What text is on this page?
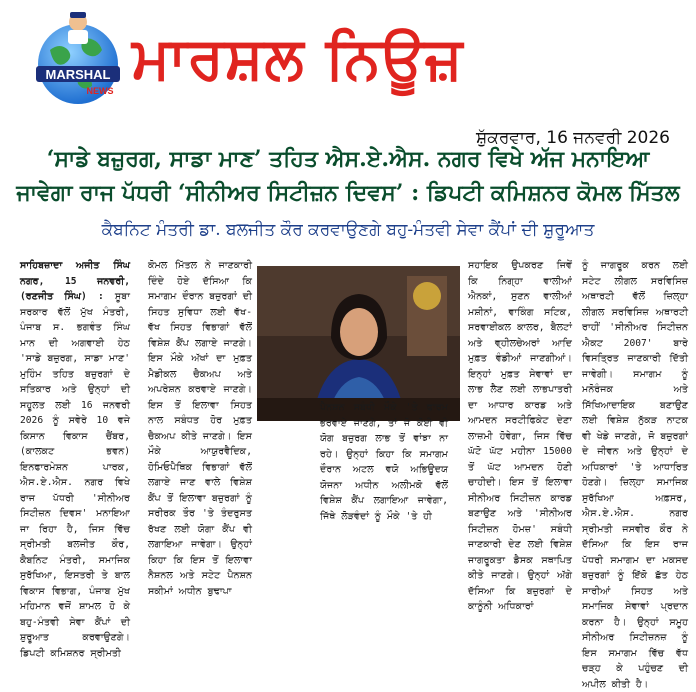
MARSHAL
NEWS ਮਾਰਸ਼ਲ ਨਿਊਜ਼
ਸ਼ੁੱਕਰਵਾਰ, 16 ਜਨਵਰੀ 2026
‘ਸਾਡੇ ਬਜ਼ੁਰਗ, ਸਾਡਾ ਮਾਣ’ ਤਹਿਤ ਐਸ.ਏ.ਐਸ. ਨਗਰ ਵਿਖੇ ਅੱਜ ਮਨਾਇਆ
ਜਾਵੇਗਾ ਰਾਜ ਪੱਧਰੀ ‘ਸੀਨੀਅਰ ਸਿਟੀਜ਼ਨ ਦਿਵਸ’ : ਡਿਪਟੀ ਕਮਿਸ਼ਨਰ ਕੋਮਲ ਮਿੱਤਲ
ਕੈਬਨਿਟ ਮੰਤਰੀ ਡਾ. ਬਲਜੀਤ ਕੌਰ ਕਰਵਾਉਣਗੇ ਬਹੁ-ਮੰਤਵੀ ਸੇਵਾ ਕੈਂਪਾਂ ਦੀ ਸ਼ੁਰੂਆਤ
ਸਾਹਿਬਜ਼ਾਦਾ ਅਜੀਤ ਸਿੰਘ ਨਗਰ, 15 ਜਨਵਰੀ, (ਰਣਜੀਤ ਸਿੰਘ) : ਸੂਬਾ ਸਰਕਾਰ ਵੱਲੋਂ ਮੁੱਖ ਮੰਤਰੀ, ਪੰਜਾਬ ਸ. ਭਗਵੰਤ ਸਿੰਘ ਮਾਨ ਦੀ ਅਗਵਾਈ ਹੇਠ 'ਸਾਡੇ ਬਜ਼ੁਰਗ, ਸਾਡਾ ਮਾਣ' ਮੁਹਿੰਮ ਤਹਿਤ ਬਜ਼ੁਰਗਾਂ ਦੇ ਸਤਿਕਾਰ ਅਤੇ ਉਨ੍ਹਾਂ ਦੀ ਸਹੂਲਤ ਲਈ 16 ਜਨਵਰੀ 2026 ਨੂੰ ਸਵੇਰੇ 10 ਵਜੇ ਕਿਸਾਨ ਵਿਕਾਸ ਚੈਂਬਰ, (ਕਾਲਕਟ ਭਵਨ) ਇਨਫਾਰਮੇਸ਼ਨ ਪਾਰਕ, ਐਸ.ਏ.ਐਸ. ਨਗਰ ਵਿਖੇ ਰਾਜ ਪੱਧਰੀ 'ਸੀਨੀਅਰ ਸਿਟੀਜ਼ਨ ਦਿਵਸ' ਮਨਾਇਆ ਜਾ ਰਿਹਾ ਹੈ, ਜਿਸ ਵਿੱਚ ਸ੍ਰੀਮਤੀ ਬਲਜੀਤ ਕੌਰ, ਕੈਬਨਿਟ ਮੰਤਰੀ, ਸਮਾਜਿਕ ਸੁਰੱਖਿਆ, ਇਸਤਰੀ ਤੇ ਬਾਲ ਵਿਕਾਸ ਵਿਭਾਗ, ਪੰਜਾਬ ਮੁੱਖ ਮਹਿਮਾਨ ਵਜੋਂ ਸ਼ਾਮਲ ਹੋ ਕੇ ਬਹੁ-ਮੰਤਵੀ ਸੇਵਾ ਕੈਂਪਾਂ ਦੀ ਸ਼ੁਰੂਆਤ ਕਰਵਾਉਣਗੇ। ਡਿਪਟੀ ਕਮਿਸ਼ਨਰ ਸ੍ਰੀਮਤੀ
ਕੋਮਲ ਮਿੱਤਲ ਨੇ ਜਾਣਕਾਰੀ ਦਿੰਦੇ ਹੋਏ ਦੱਸਿਆ ਕਿ ਸਮਾਗਮ ਦੌਰਾਨ ਬਜ਼ੁਰਗਾਂ ਦੀ ਸਿਹਤ ਸੁਵਿਧਾ ਲਈ ਵੱਖ-ਵੱਖ ਸਿਹਤ ਵਿਭਾਗਾਂ ਵੱਲੋਂ ਵਿਸ਼ੇਸ਼ ਕੈਂਪ ਲਗਾਏ ਜਾਣਗੇ। ਇਸ ਮੌਕੇ ਅੱਖਾਂ ਦਾ ਮੁਫ਼ਤ ਮੈਡੀਕਲ ਚੈਕਅਪ ਅਤੇ ਅਪਰੇਸ਼ਨ ਕਰਵਾਏ ਜਾਣਗੇ। ਇਸ ਤੋਂ ਇਲਾਵਾ ਸਿਹਤ ਨਾਲ ਸਬੰਧਤ ਹੋਰ ਮੁਫ਼ਤ ਚੈਕਅਪ ਕੀਤੇ ਜਾਣਗੇ। ਇਸ ਮੌਕੇ ਆਯੁਰਵੈਦਿਕ, ਹੋਮਿਓਪੈਥਿਕ ਵਿਭਾਗਾਂ ਵੱਲੋਂ ਲਗਾਏ ਜਾਣ ਵਾਲੇ ਵਿਸ਼ੇਸ਼ ਕੈਂਪ ਤੋਂ ਇਲਾਵਾ ਬਜ਼ੁਰਗਾਂ ਨੂੰ ਸਰੀਰਕ ਤੌਰ 'ਤੇ ਤੰਦਰੁਸਤ ਰੱਖਣ ਲਈ ਯੋਗਾ ਕੈਂਪ ਵੀ ਲਗਾਇਆ ਜਾਵੇਗਾ। ਉਨ੍ਹਾਂ ਕਿਹਾ ਕਿ ਇਸ ਤੋਂ ਇਲਾਵਾ ਨੈਸ਼ਨਲ ਅਤੇ ਸਟੇਟ ਪੈਨਸ਼ਨ ਸਕੀਮਾਂ ਅਧੀਨ ਬੁਢਾਪਾ
ਪੈਨਸ਼ਨ ਸਬੰਧੀ ਮੌਕੇ 'ਤੇ ਫਾਰਮ ਭਰਵਾਏ ਜਾਣਗੇ, ਤਾਂ ਜੋ ਕੋਈ ਵੀ ਯੋਗ ਬਜ਼ੁਰਗ ਲਾਭ ਤੋਂ ਵਾਂਝਾ ਨਾ ਰਹੇ। ਉਨ੍ਹਾਂ ਕਿਹਾ ਕਿ ਸਮਾਗਮ ਦੌਰਾਨ ਅਟਲ ਵਯੋ ਅਭਿਊਦਯ ਯੋਜਨਾ ਅਧੀਨ ਅਲੀਮਕੋ ਵੱਲੋਂ ਵਿਸ਼ੇਸ਼ ਕੈਂਪ ਲਗਾਇਆ ਜਾਵੇਗਾ, ਜਿੱਥੇ ਲੋੜਵੰਦਾਂ ਨੂੰ ਮੌਕੇ 'ਤੇ ਹੀ
ਸਹਾਇਕ ਉਪਕਰਣ ਜਿਵੇਂ ਕਿ ਨਿਗ੍ਹਾ ਵਾਲੀਆਂ ਐਨਕਾਂ, ਸੁਣਨ ਵਾਲੀਆਂ ਮਸ਼ੀਨਾਂ, ਵਾਕਿੰਗ ਸਟਿਕ, ਸਰਵਾਈਕਲ ਕਾਲਰ, ਬੈਲਟਾਂ ਅਤੇ ਵ੍ਹੀਲਚੇਅਰਾਂ ਆਦਿ ਮੁਫ਼ਤ ਵੰਡੀਆਂ ਜਾਣਗੀਆਂ। ਇਨ੍ਹਾਂ ਮੁਫ਼ਤ ਸੇਵਾਵਾਂ ਦਾ ਲਾਭ ਲੈਣ ਲਈ ਲਾਭਪਾਤਰੀ ਦਾ ਆਧਾਰ ਕਾਰਡ ਅਤੇ ਆਮਦਨ ਸਰਟੀਫਿਕੇਟ ਦੇਣਾ ਲਾਜ਼ਮੀ ਹੋਵੇਗਾ, ਜਿਸ ਵਿੱਚ ਘੱਟੋ ਘੱਟ ਮਹੀਨਾ 15000 ਤੋਂ ਘੱਟ ਆਮਦਨ ਹੋਣੀ ਚਾਹੀਦੀ। ਇਸ ਤੋਂ ਇਲਾਵਾ ਸੀਨੀਅਰ ਸਿਟੀਜ਼ਨ ਕਾਰਡ ਬਣਾਉਣ ਅਤੇ 'ਸੀਨੀਅਰ ਸਿਟੀਜ਼ਨ ਹੋਮਜ਼' ਸਬੰਧੀ ਜਾਣਕਾਰੀ ਦੇਣ ਲਈ ਵਿਸ਼ੇਸ਼ ਜਾਗਰੂਕਤਾ ਡੈਸਕ ਸਥਾਪਿਤ ਕੀਤੇ ਜਾਣਗੇ। ਉਨ੍ਹਾਂ ਅੱਗੇ ਦੱਸਿਆ ਕਿ ਬਜ਼ੁਰਗਾਂ ਦੇ ਕਾਨੂੰਨੀ ਅਧਿਕਾਰਾਂ
ਨੂੰ ਜਾਗਰੂਕ ਕਰਨ ਲਈ ਸਟੇਟ ਲੀਗਲ ਸਰਵਿਸਿਜ਼ ਅਥਾਰਟੀ ਵੱਲੋਂ ਜ਼ਿਲ੍ਹਾ ਲੀਗਲ ਸਰਵਿਸਿਜ਼ ਅਥਾਰਟੀ ਰਾਹੀਂ 'ਸੀਨੀਅਰ ਸਿਟੀਜ਼ਨ ਐਕਟ 2007' ਬਾਰੇ ਵਿਸਤ੍ਰਿਤ ਜਾਣਕਾਰੀ ਦਿੱਤੀ ਜਾਵੇਗੀ। ਸਮਾਗਮ ਨੂੰ ਮਨੋਰੰਜਕ ਅਤੇ ਸਿੱਖਿਆਦਾਇਕ ਬਣਾਉਣ ਲਈ ਵਿਸ਼ੇਸ਼ ਨੁੱਕੜ ਨਾਟਕ ਵੀ ਖੇਡੇ ਜਾਣਗੇ, ਜੋ ਬਜ਼ੁਰਗਾਂ ਦੇ ਜੀਵਨ ਅਤੇ ਉਨ੍ਹਾਂ ਦੇ ਅਧਿਕਾਰਾਂ 'ਤੇ ਆਧਾਰਿਤ ਹੋਣਗੇ। ਜ਼ਿਲ੍ਹਾ ਸਮਾਜਿਕ ਸੁਰੱਖਿਆ ਅਫ਼ਸਰ, ਐਸ.ਏ.ਐਸ. ਨਗਰ ਸ੍ਰੀਮਤੀ ਜਸਵੀਰ ਕੌਰ ਨੇ ਦੱਸਿਆ ਕਿ ਇਸ ਰਾਜ ਪੱਧਰੀ ਸਮਾਗਮ ਦਾ ਮਕਸਦ ਬਜ਼ੁਰਗਾਂ ਨੂੰ ਇੱਕੋ ਛੱਤ ਹੇਠ ਸਾਰੀਆਂ ਸਿਹਤ ਅਤੇ ਸਮਾਜਿਕ ਸੇਵਾਵਾਂ ਪ੍ਰਦਾਨ ਕਰਨਾ ਹੈ। ਉਨ੍ਹਾਂ ਸਮੂਹ ਸੀਨੀਅਰ ਸਿਟੀਜ਼ਨਜ਼ ਨੂੰ ਇਸ ਸਮਾਗਮ ਵਿੱਚ ਵੱਧ ਚੜ੍ਹ ਕੇ ਪਹੁੰਚਣ ਦੀ ਅਪੀਲ ਕੀਤੀ ਹੈ।
